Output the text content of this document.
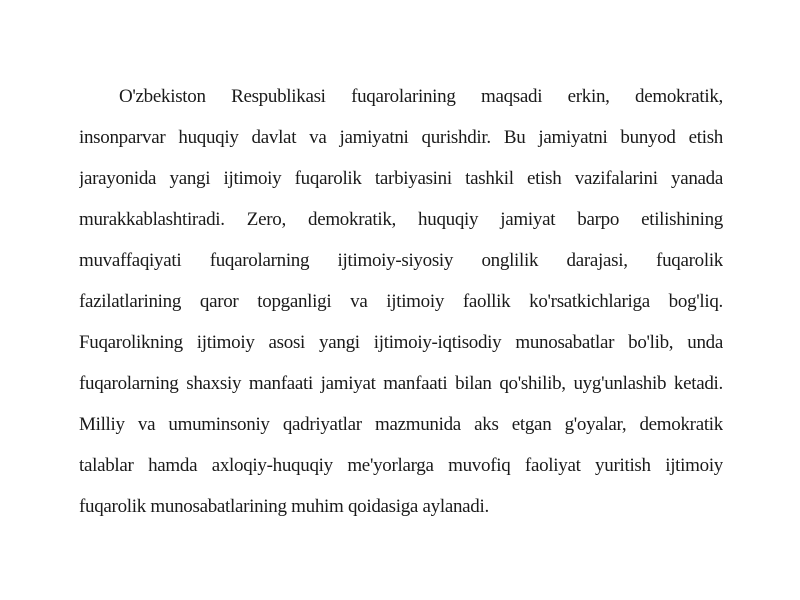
O'zbekiston Respublikasi fuqarolarining maqsadi erkin, demokratik,
insonparvar huquqiy davlat va jamiyatni qurishdir. Bu jamiyatni bunyod etish
jarayonida yangi ijtimoiy fuqarolik tarbiyasini tashkil etish vazifalarini yanada
murakkablashtiradi. Zero, demokratik, huquqiy jamiyat barpo etilishining
muvaffaqiyati fuqarolarning ijtimoiy-siyosiy onglilik darajasi, fuqarolik
fazilatlarining qaror topganligi va ijtimoiy faollik ko'rsatkichlariga bog'liq.
Fuqarolikning ijtimoiy asosi yangi ijtimoiy-iqtisodiy munosabatlar bo'lib, unda
fuqarolarning shaxsiy manfaati jamiyat manfaati bilan qo'shilib, uyg'unlashib ketadi.
Milliy va umuminsoniy qadriyatlar mazmunida aks etgan g'oyalar, demokratik
talablar hamda axloqiy-huquqiy me'yorlarga muvofiq faoliyat yuritish ijtimoiy
fuqarolik munosabatlarining muhim qoidasiga aylanadi.
